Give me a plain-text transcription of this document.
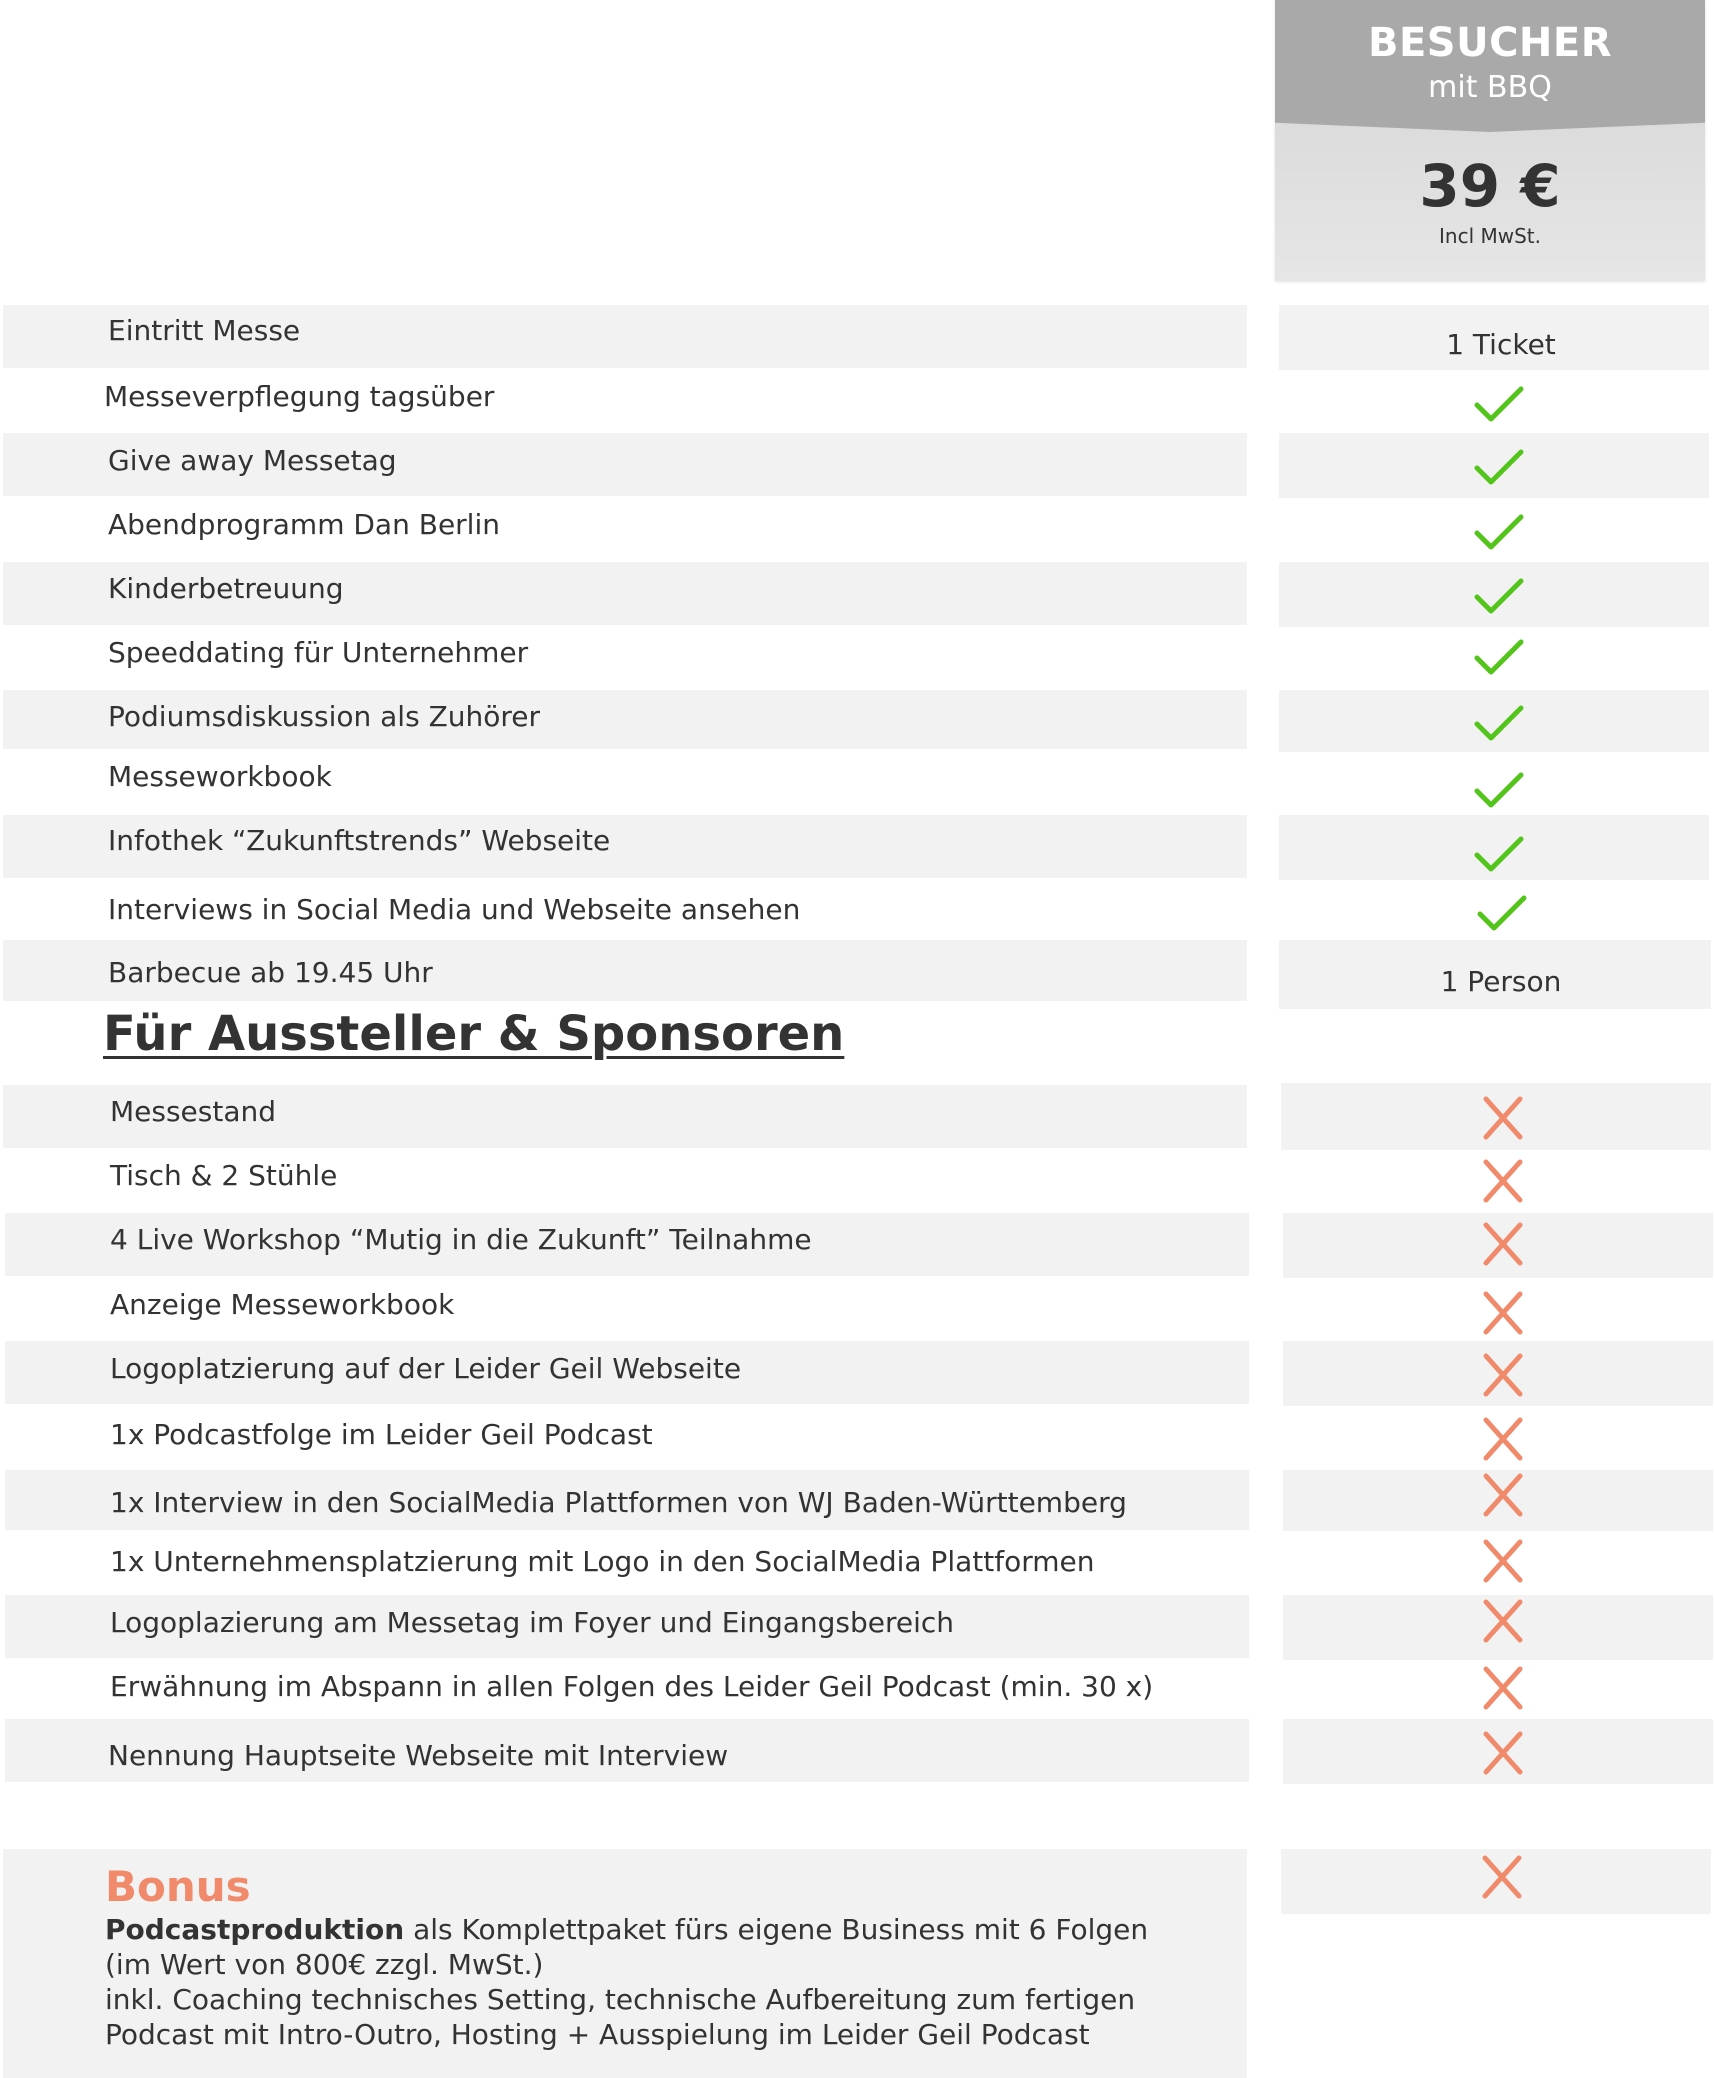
BESUCHER
mit BBQ
39 €
Incl MwSt.
Eintritt Messe
Messeverpflegung tagsüber
Give away Messetag
Abendprogramm Dan Berlin
Kinderbetreuung
Speeddating für Unternehmer
Podiumsdiskussion als Zuhörer
Messeworkbook
Infothek “Zukunftstrends” Webseite
Interviews in Social Media und Webseite ansehen
Barbecue ab 19.45 Uhr
1 Ticket
1 Person
Für Aussteller & Sponsoren
Messestand
Tisch & 2 Stühle
4 Live Workshop “Mutig in die Zukunft” Teilnahme
Anzeige Messeworkbook
Logoplatzierung auf der Leider Geil Webseite
1x Podcastfolge im Leider Geil Podcast
1x Interview in den SocialMedia Plattformen von WJ Baden-Württemberg
1x Unternehmensplatzierung mit Logo in den SocialMedia Plattformen
Logoplazierung am Messetag im Foyer und Eingangsbereich
Erwähnung im Abspann in allen Folgen des Leider Geil Podcast (min. 30 x)
Nennung Hauptseite Webseite mit Interview
Bonus
Podcastproduktion als Komplettpaket fürs eigene Business mit 6 Folgen
(im Wert von 800€ zzgl. MwSt.)
inkl. Coaching technisches Setting, technische Aufbereitung zum fertigen
Podcast mit Intro-Outro, Hosting + Ausspielung im Leider Geil Podcast
